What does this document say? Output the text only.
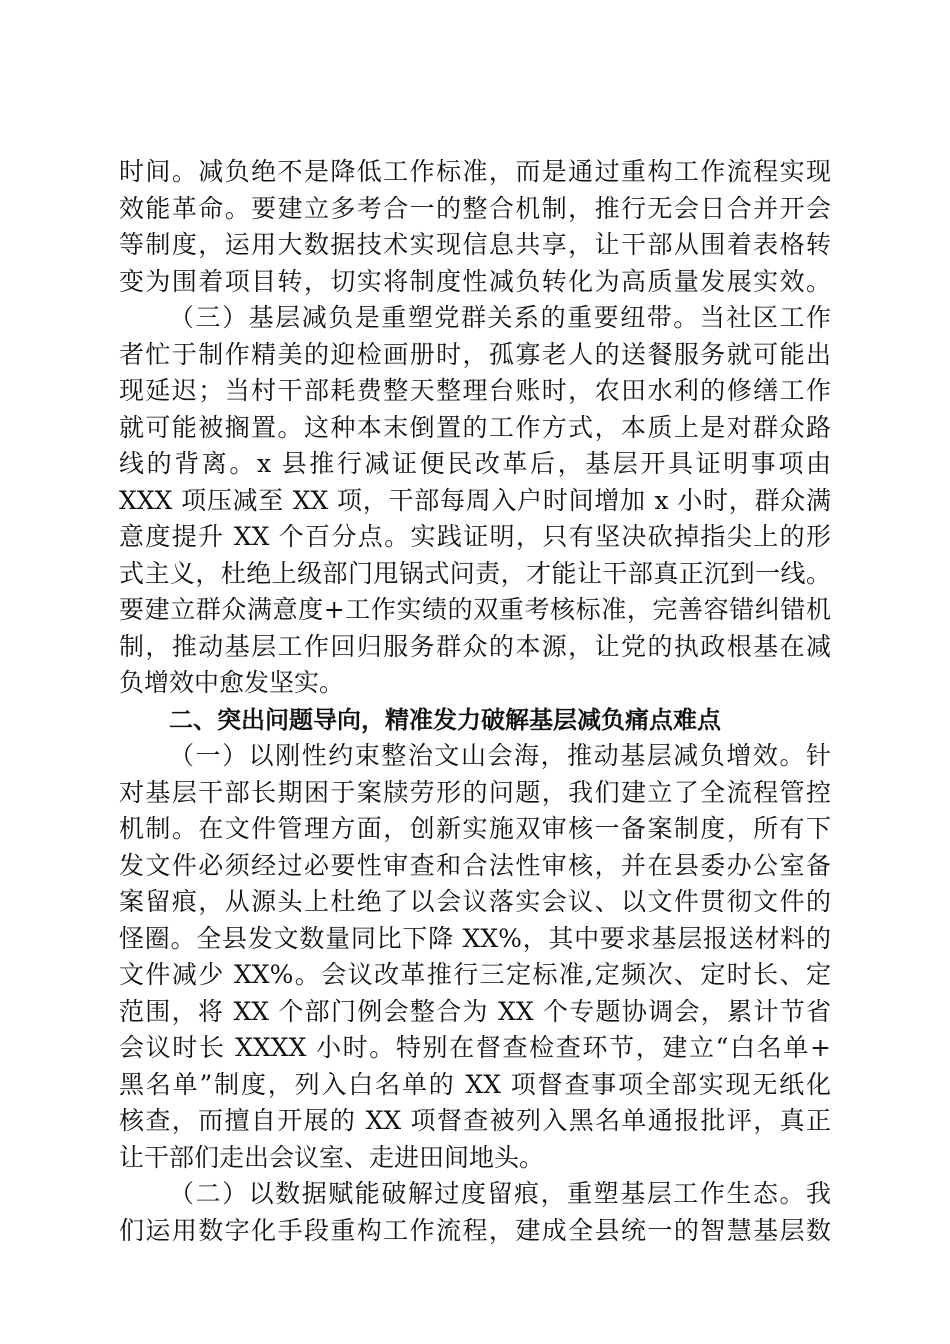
时间。减负绝不是降低工作标准，而是通过重构工作流程实现
效能革命。要建立多考合一的整合机制，推行无会日合并开会
等制度，运用大数据技术实现信息共享，让干部从围着表格转
变为围着项目转，切实将制度性减负转化为高质量发展实效。
（三）基层减负是重塑党群关系的重要纽带。当社区工作
者忙于制作精美的迎检画册时，孤寡老人的送餐服务就可能出
现延迟；当村干部耗费整天整理台账时，农田水利的修缮工作
就可能被搁置。这种本末倒置的工作方式，本质上是对群众路
线的背离。x 县推行减证便民改革后，基层开具证明事项由
XXX 项压减至 XX 项，干部每周入户时间增加 x 小时，群众满
意度提升 XX 个百分点。实践证明，只有坚决砍掉指尖上的形
式主义，杜绝上级部门甩锅式问责，才能让干部真正沉到一线。
要建立群众满意度+工作实绩的双重考核标准，完善容错纠错机
制，推动基层工作回归服务群众的本源，让党的执政根基在减
负增效中愈发坚实。
二、突出问题导向，精准发力破解基层减负痛点难点
（一）以刚性约束整治文山会海，推动基层减负增效。针
对基层干部长期困于案牍劳形的问题，我们建立了全流程管控
机制。在文件管理方面，创新实施双审核一备案制度，所有下
发文件必须经过必要性审查和合法性审核，并在县委办公室备
案留痕，从源头上杜绝了以会议落实会议、以文件贯彻文件的
怪圈。全县发文数量同比下降 XX%，其中要求基层报送材料的
文件减少 XX%。会议改革推行三定标准,定频次、定时长、定
范围，将 XX 个部门例会整合为 XX 个专题协调会，累计节省
会议时长 XXXX 小时。特别在督查检查环节，建立“白名单+
黑名单”制度，列入白名单的 XX 项督查事项全部实现无纸化
核查，而擅自开展的 XX 项督查被列入黑名单通报批评，真正
让干部们走出会议室、走进田间地头。
（二）以数据赋能破解过度留痕，重塑基层工作生态。我
们运用数字化手段重构工作流程，建成全县统一的智慧基层数
